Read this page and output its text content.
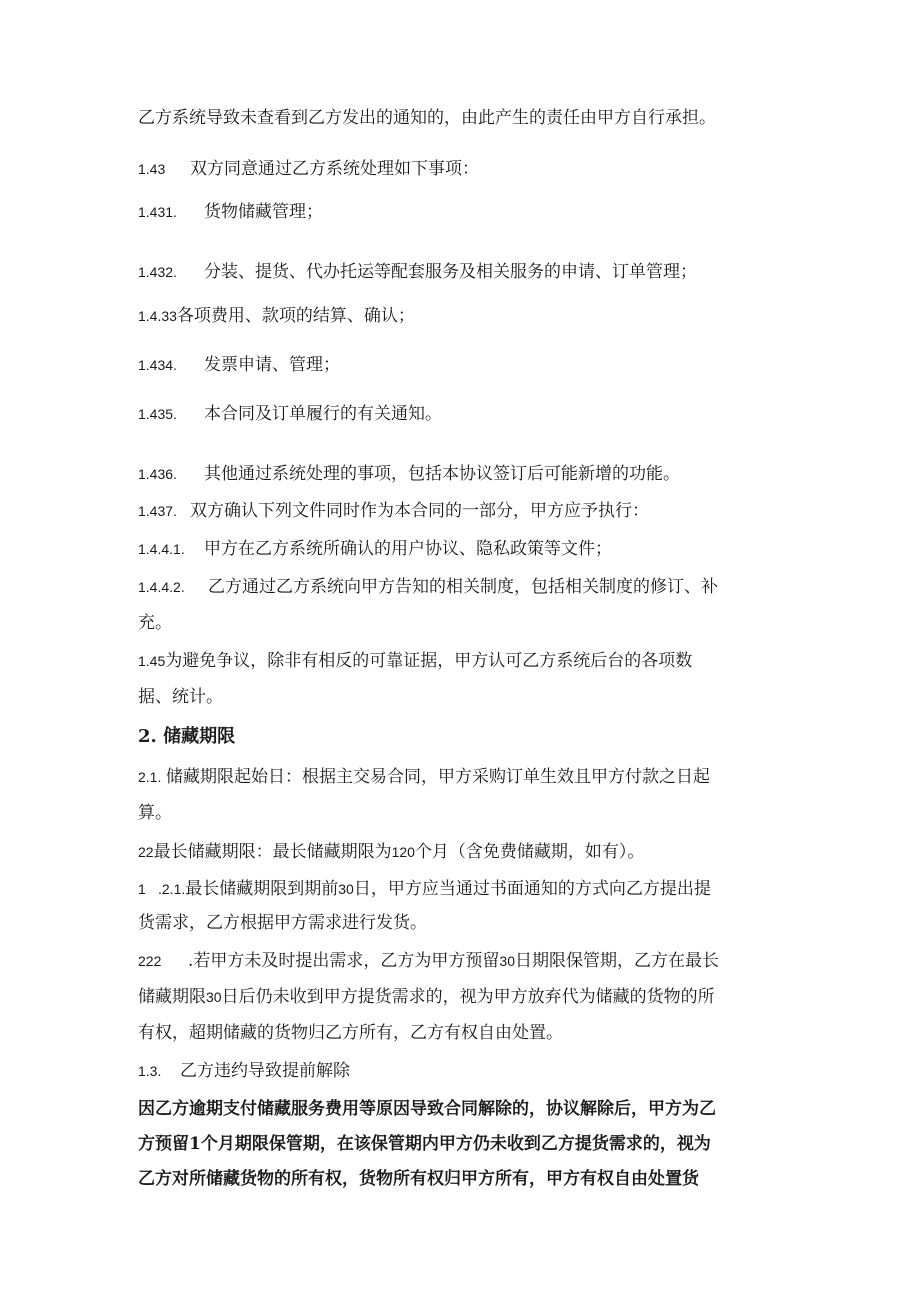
乙方系统导致未查看到乙方发出的通知的，由此产生的责任由甲方自行承担。
1.43 双方同意通过乙方系统处理如下事项：
1.431. 货物储藏管理；
1.432. 分装、提货、代办托运等配套服务及相关服务的申请、订单管理；
1.4.33各项费用、款项的结算、确认；
1.434. 发票申请、管理；
1.435. 本合同及订单履行的有关通知。
1.436. 其他通过系统处理的事项，包括本协议签订后可能新增的功能。
1.437. 双方确认下列文件同时作为本合同的一部分，甲方应予执行：
1.4.4.1. 甲方在乙方系统所确认的用户协议、隐私政策等文件；
1.4.4.2. 乙方通过乙方系统向甲方告知的相关制度，包括相关制度的修订、补
充。
1.45为避免争议，除非有相反的可靠证据，甲方认可乙方系统后台的各项数
据、统计。
2. 储藏期限
2.1. 储藏期限起始日：根据主交易合同，甲方采购订单生效且甲方付款之日起
算。
22最长储藏期限：最长储藏期限为120个月（含免费储藏期，如有）。
1 .2.1.最长储藏期限到期前30日，甲方应当通过书面通知的方式向乙方提出提
货需求，乙方根据甲方需求进行发货。
222 .若甲方未及时提出需求，乙方为甲方预留30日期限保管期，乙方在最长
储藏期限30日后仍未收到甲方提货需求的，视为甲方放弃代为储藏的货物的所
有权，超期储藏的货物归乙方所有，乙方有权自由处置。
1.3. 乙方违约导致提前解除
因乙方逾期支付储藏服务费用等原因导致合同解除的，协议解除后，甲方为乙
方预留1个月期限保管期，在该保管期内甲方仍未收到乙方提货需求的，视为
乙方对所储藏货物的所有权，货物所有权归甲方所有，甲方有权自由处置货
